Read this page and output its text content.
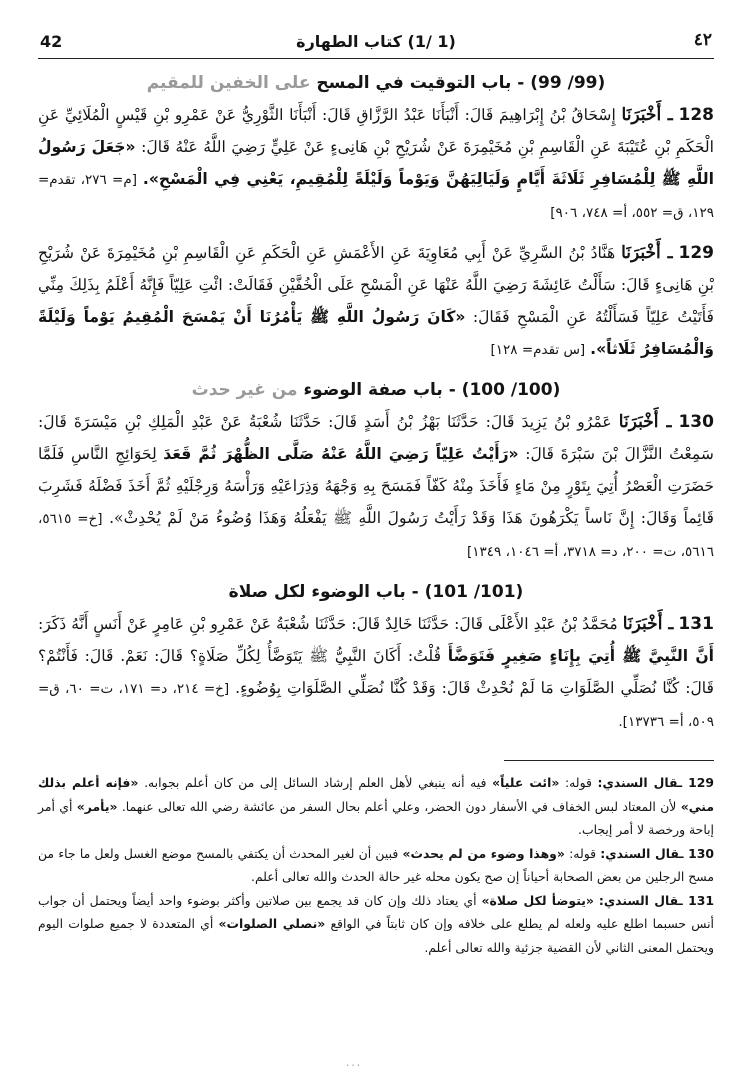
42	(1 /1) كتاب الطهارة	٤٢
(99/ 99) - باب التوقيت في المسح على الخفين للمقيم
128 ـ أَخْبَرَنَا إِسْحَاقُ بْنُ إِبْرَاهِيمَ قَالَ: أَنْبَأَنَا عَبْدُ الرَّزَّاقِ قَالَ: أَنْبَأَنَا الثَّوْرِيُّ عَنْ عَمْرِو بْنِ قَيْسٍ الْمُلَائِيِّ عَنِ الْحَكَمِ بْنِ عُتَيْبَةَ عَنِ الْقَاسِمِ بْنِ مُخَيْمِرَةَ عَنْ شُرَيْحِ بْنِ هَانِىءٍ عَنْ عَلِيٍّ رَضِيَ اللَّهُ عَنْهُ قَالَ: «جَعَلَ رَسُولُ اللَّهِ ﷺ لِلْمُسَافِرِ ثَلَاثَةَ أَيَّامٍ وَلَيَالِيَهُنَّ وَيَوْماً وَلَيْلَةً لِلْمُقِيمِ، يَعْنِي فِي الْمَسْحِ». [م= ٢٧٦، تقدم= ١٢٩، ق= ٥٥٢، أ= ٧٤٨، ٩٠٦]
129 ـ أَخْبَرَنَا هَنَّادُ بْنُ السَّرِيِّ عَنْ أَبِي مُعَاوِيَةَ عَنِ الأَعْمَشِ عَنِ الْحَكَمِ عَنِ الْقَاسِمِ بْنِ مُخَيْمِرَةَ عَنْ شُرَيْحِ بْنِ هَانِىءٍ قَالَ: سَأَلْتُ عَائِشَةَ رَضِيَ اللَّهُ عَنْهَا عَنِ الْمَسْحِ عَلَى الْخُفَّيْنِ فَقَالَتْ: ائْتِ عَلِيّاً فَإِنَّهُ أَعْلَمُ بِذَلِكَ مِنِّي فَأَتَيْتُ عَلِيّاً فَسَأَلْتُهُ عَنِ الْمَسْحِ فَقَالَ: «كَانَ رَسُولُ اللَّهِ ﷺ يَأْمُرُنَا أَنْ يَمْسَحَ الْمُقِيمُ يَوْماً وَلَيْلَةً وَالْمُسَافِرُ ثَلَاثاً». [س تقدم= ١٢٨]
(100/ 100) - باب صفة الوضوء من غير حدث
130 ـ أَخْبَرَنَا عَمْرُو بْنُ يَزِيدَ قَالَ: حَدَّثَنَا بَهْزُ بْنُ أَسَدٍ قَالَ: حَدَّثَنَا شُعْبَةُ عَنْ عَبْدِ الْمَلِكِ بْنِ مَيْسَرَةَ قَالَ: سَمِعْتُ النَّزَّالَ بْنَ سَبْرَةَ قَالَ: «رَأَيْتُ عَلِيّاً رَضِيَ اللَّهُ عَنْهُ صَلَّى الظُّهْرَ ثُمَّ قَعَدَ لِحَوَائِجِ النَّاسِ فَلَمَّا حَضَرَتِ الْعَصْرُ أُتِيَ بِتَوْرٍ مِنْ مَاءٍ فَأَخَذَ مِنْهُ كَفّاً فَمَسَحَ بِهِ وَجْهَهُ وَذِرَاعَيْهِ وَرَأْسَهُ وَرِجْلَيْهِ ثُمَّ أَخَذَ فَضْلَهُ فَشَرِبَ قَائِماً وَقَالَ: إِنَّ نَاساً يَكْرَهُونَ هَذَا وَقَدْ رَأَيْتُ رَسُولَ اللَّهِ ﷺ يَفْعَلُهُ وَهَذَا وُضُوءُ مَنْ لَمْ يُحْدِثْ». [خ= ٥٦١٥، ٥٦١٦، ت= ٢٠٠، د= ٣٧١٨، أ= ١٠٤٦، ١٣٤٩]
(101/ 101) - باب الوضوء لكل صلاة
131 ـ أَخْبَرَنَا مُحَمَّدُ بْنُ عَبْدِ الأَعْلَى قَالَ: حَدَّثَنَا خَالِدٌ قَالَ: حَدَّثَنَا شُعْبَةُ عَنْ عَمْرِو بْنِ عَامِرٍ عَنْ أَنَسٍ أَنَّهُ ذَكَرَ: أَنَّ النَّبِيَّ ﷺ أُتِيَ بِإِنَاءٍ صَغِيرٍ فَتَوَضَّأَ قُلْتُ: أَكَانَ النَّبِيُّ ﷺ يَتَوَضَّأُ لِكُلِّ صَلَاةٍ؟ قَالَ: نَعَمْ. قَالَ: فَأَنْتُمْ؟ قَالَ: كُنَّا نُصَلِّي الصَّلَوَاتِ مَا لَمْ نُحْدِثْ قَالَ: وَقَدْ كُنَّا نُصَلِّي الصَّلَوَاتِ بِوُضُوءٍ. [خ= ٢١٤، د= ١٧١، ت= ٦٠، ق= ٥٠٩، أ= ١٣٧٣٦].

129 ـقال السندي: قوله: «ائت علياً» فيه أنه ينبغي لأهل العلم إرشاد السائل إلى من كان أعلم بجوابه. «فإنه أعلم بذلك مني» لأن المعتاد لبس الخفاف في الأسفار دون الحضر، وعلي أعلم بحال السفر من عائشة رضي الله تعالى عنهما. «يأمر» أي أمر إباحة ورخصة لا أمر إيجاب.

130 ـقال السندي: قوله: «وهذا وضوء من لم يحدث» فبين أن لغير المحدث أن يكتفي بالمسح موضع الغسل ولعل ما جاء من مسح الرجلين من بعض الصحابة أحياناً إن صح يكون محله غير حالة الحدث والله تعالى أعلم.

131 ـقال السندي: «يتوضأ لكل صلاة» أي يعتاد ذلك وإن كان قد يجمع بين صلاتين وأكثر بوضوء واحد أيضاً ويحتمل أن جواب أنس حسبما اطلع عليه ولعله لم يطلع على خلافه وإن كان ثابتاً في الواقع «نصلي الصلوات» أي المتعددة لا جميع صلوات اليوم ويحتمل المعنى الثاني لأن القضية جزئية والله تعالى أعلم.

٠٠٠
